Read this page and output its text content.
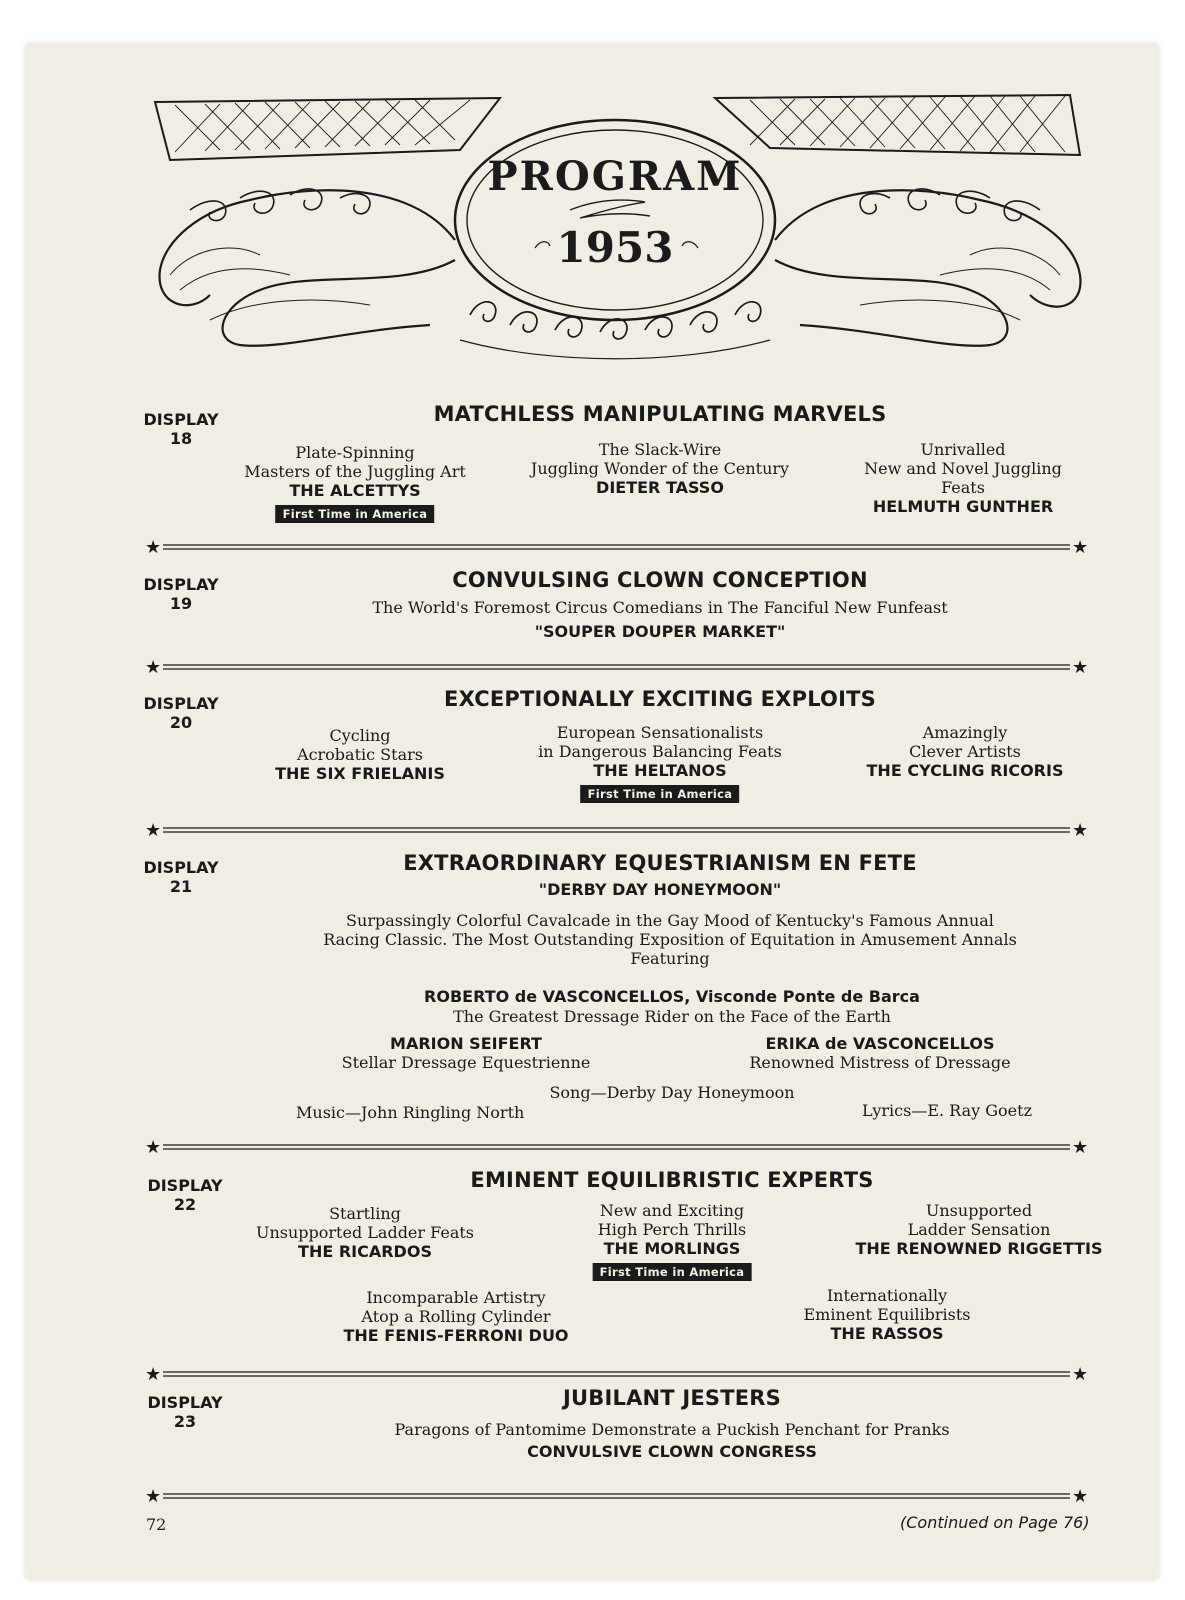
PROGRAM
1953
DISPLAY
18
MATCHLESS MANIPULATING MARVELS
Plate-Spinning
Masters of the Juggling Art
THE ALCETTYS
First Time in America
The Slack-Wire
Juggling Wonder of the Century
DIETER TASSO
Unrivalled
New and Novel Juggling
Feats
HELMUTH GUNTHER
★	★
DISPLAY
19
CONVULSING CLOWN CONCEPTION
The World's Foremost Circus Comedians in The Fanciful New Funfeast
"SOUPER DOUPER MARKET"
★	★
DISPLAY
20
EXCEPTIONALLY EXCITING EXPLOITS
Cycling
Acrobatic Stars
THE SIX FRIELANIS
European Sensationalists
in Dangerous Balancing Feats
THE HELTANOS
First Time in America
Amazingly
Clever Artists
THE CYCLING RICORIS
★	★
DISPLAY
21
EXTRAORDINARY EQUESTRIANISM EN FETE
"DERBY DAY HONEYMOON"
Surpassingly Colorful Cavalcade in the Gay Mood of Kentucky's Famous Annual
Racing Classic. The Most Outstanding Exposition of Equitation in Amusement Annals
Featuring
ROBERTO de VASCONCELLOS, Visconde Ponte de Barca
The Greatest Dressage Rider on the Face of the Earth
MARION SEIFERT
Stellar Dressage Equestrienne
ERIKA de VASCONCELLOS
Renowned Mistress of Dressage
Song—Derby Day Honeymoon
Music—John Ringling North	Lyrics—E. Ray Goetz
★	★
DISPLAY
22
EMINENT EQUILIBRISTIC EXPERTS
Startling
Unsupported Ladder Feats
THE RICARDOS
New and Exciting
High Perch Thrills
THE MORLINGS
First Time in America
Unsupported
Ladder Sensation
THE RENOWNED RIGGETTIS
Incomparable Artistry
Atop a Rolling Cylinder
THE FENIS-FERRONI DUO
Internationally
Eminent Equilibrists
THE RASSOS
★	★
DISPLAY
23
JUBILANT JESTERS
Paragons of Pantomime Demonstrate a Puckish Penchant for Pranks
CONVULSIVE CLOWN CONGRESS
★	★
72	(Continued on Page 76)
